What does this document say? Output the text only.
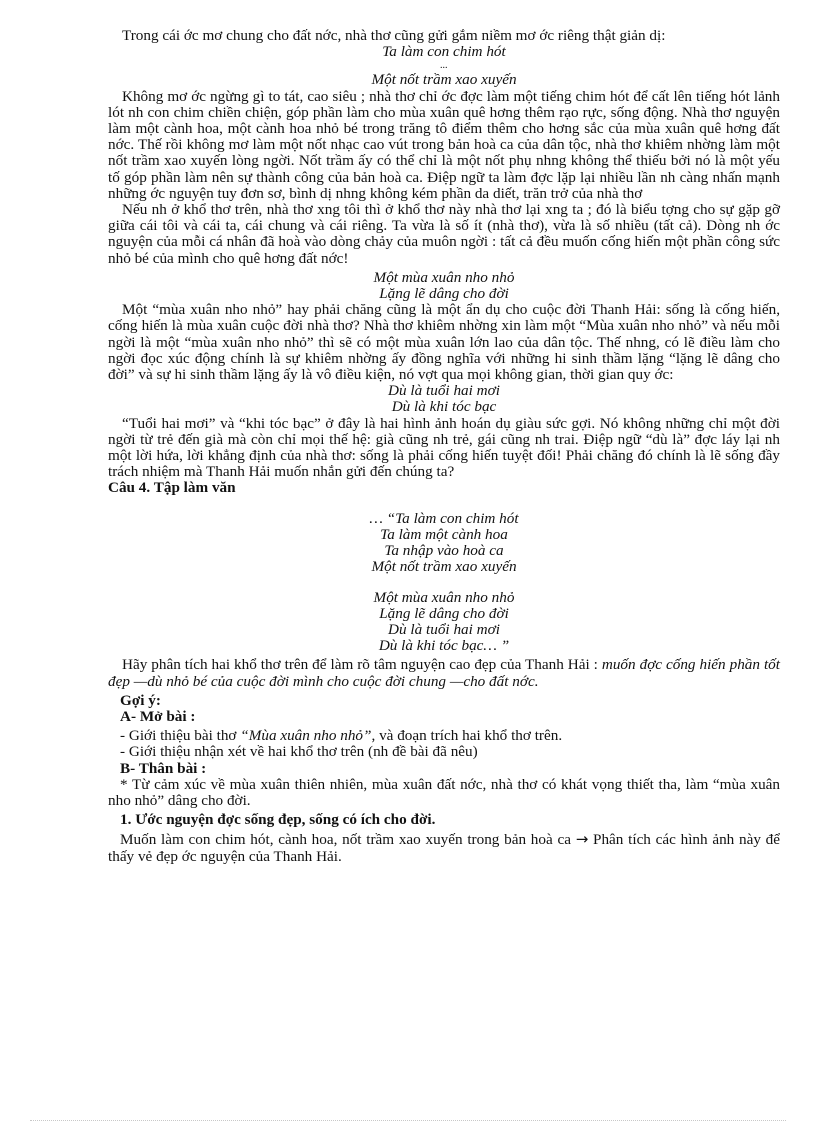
Trong cái ớc mơ chung cho đất nớc, nhà thơ cũng gửi gắm niềm mơ ớc riêng thật giản dị:

Ta làm con chim hót

...

Một nốt trầm xao xuyến

Không mơ ớc ngừng gì to tát, cao siêu ; nhà thơ chỉ ớc đợc làm một tiếng chim hót để cất lên tiếng hót lảnh lót nh con chim chiền chiện, góp phần làm cho mùa xuân quê hơng thêm rạo rực, sống động. Nhà thơ nguyện làm một cành hoa, một cành hoa nhỏ bé trong trăng tô điểm thêm cho hơng sắc của mùa xuân quê hơng đất nớc. Thế rồi không mơ làm một nốt nhạc cao vút trong bản hoà ca của dân tộc, nhà thơ khiêm nhờng làm một nốt trầm xao xuyến lòng ngời. Nốt trầm ấy có thể chỉ là một nốt phụ nhng không thể thiếu bởi nó là một yếu tố góp phần làm nên sự thành công của bản hoà ca. Điệp ngữ ta làm đợc lặp lại nhiều lần nh càng nhấn mạnh những ớc nguyện tuy đơn sơ, bình dị nhng không kém phần da diết, trăn trở của nhà thơ

Nếu nh ở khổ thơ trên, nhà thơ xng tôi thì ở khổ thơ này nhà thơ lại xng ta ; đó là biểu tợng cho sự gặp gỡ giữa cái tôi và cái ta, cái chung và cái riêng. Ta vừa là số ít (nhà thơ), vừa là số nhiều (tất cả). Dòng nh ớc nguyện của mỗi cá nhân đã hoà vào dòng chảy của muôn ngời : tất cả đều muốn cống hiến một phần công sức nhỏ bé của mình cho quê hơng đất nớc!

Một mùa xuân nho nhỏ

Lặng lẽ dâng cho đời

Một “mùa xuân nho nhỏ” hay phải chăng cũng là một ẩn dụ cho cuộc đời Thanh Hải: sống là cống hiến, cống hiến là mùa xuân cuộc đời nhà thơ? Nhà thơ khiêm nhờng xin làm một “Mùa xuân nho nhỏ” và nếu mỗi ngời là một “mùa xuân nho nhỏ” thì sẽ có một mùa xuân lớn lao của dân tộc. Thế nhng, có lẽ điều làm cho ngời đọc xúc động chính là sự khiêm nhờng ấy đồng nghĩa với những hi sinh thầm lặng “lặng lẽ dâng cho đời” và sự hi sinh thầm lặng ấy là vô điều kiện, nó vợt qua mọi không gian, thời gian quy ớc:

Dù là tuổi hai mơi

Dù là khi tóc bạc

“Tuổi hai mơi” và “khi tóc bạc” ở đây là hai hình ảnh hoán dụ giàu sức gợi. Nó không những chỉ một đời ngời từ trẻ đến già mà còn chỉ mọi thế hệ: già cũng nh trẻ, gái cũng nh trai. Điệp ngữ “dù là” đợc láy lại nh một lời hứa, lời khẳng định của nhà thơ: sống là phải cống hiến tuyệt đối! Phải chăng đó chính là lẽ sống đầy trách nhiệm mà Thanh Hải muốn nhắn gửi đến chúng ta?

Câu 4. Tập làm văn

… “Ta làm con chim hót

Ta làm một cành hoa

Ta nhập vào hoà ca

Một nốt trầm xao xuyến

Một mùa xuân nho nhỏ

Lặng lẽ dâng cho đời

Dù là tuổi hai mơi

Dù là khi tóc bạc… ”

Hãy phân tích hai khổ thơ trên để làm rõ tâm nguyện cao đẹp của Thanh Hải : muốn đợc cống hiến phần tốt đẹp —dù nhỏ bé của cuộc đời mình cho cuộc đời chung —cho đất nớc.

Gợi ý:

A- Mở bài :

- Giới thiệu bài thơ “Mùa xuân nho nhỏ”, và đoạn trích hai khổ thơ trên.

- Giới thiệu nhận xét về hai khổ thơ trên (nh đề bài đã nêu)

B- Thân bài :

* Từ cảm xúc về mùa xuân thiên nhiên, mùa xuân đất nớc, nhà thơ có khát vọng thiết tha, làm “mùa xuân nho nhỏ” dâng cho đời.

1. Ước nguyện đợc sống đẹp, sống có ích cho đời.

Muốn làm con chim hót, cành hoa, nốt trầm xao xuyến trong bản hoà ca → Phân tích các hình ảnh này để thấy vẻ đẹp ớc nguyện của Thanh Hải.
